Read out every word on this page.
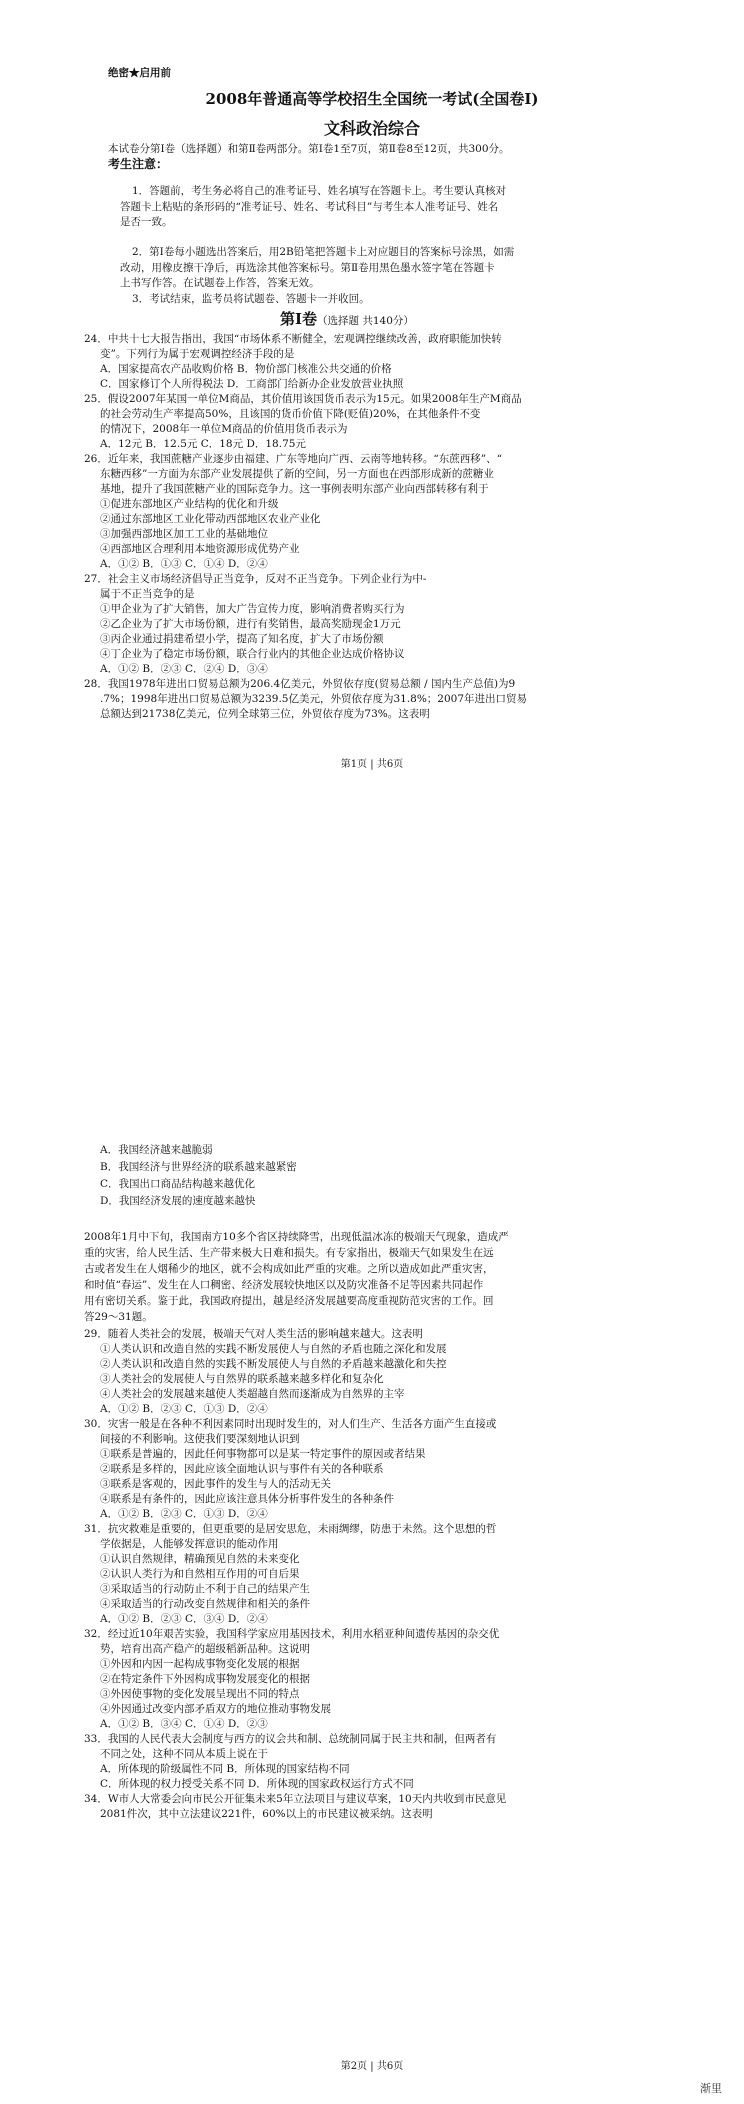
绝密★启用前
2008年普通高等学校招生全国统一考试(全国卷Ⅰ)
文科政治综合
本试卷分第Ⅰ卷（选择题）和第Ⅱ卷两部分。第Ⅰ卷1至7页，第Ⅱ卷8至12页，共300分。
考生注意：
1．答题前，考生务必将自己的准考证号、姓名填写在答题卡上。考生要认真核对
答题卡上粘贴的条形码的“准考证号、姓名、考试科目”与考生本人准考证号、姓名
是否一致。
2．第Ⅰ卷每小题选出答案后，用2B铅笔把答题卡上对应题目的答案标号涂黑，如需
改动，用橡皮擦干净后，再选涂其他答案标号。第Ⅱ卷用黑色墨水签字笔在答题卡
上书写作答。在试题卷上作答，答案无效。
3．考试结束，监考员将试题卷、答题卡一并收回。
第Ⅰ卷（选择题 共140分）
24．中共十七大报告指出，我国“市场体系不断健全，宏观调控继续改善，政府职能加快转
变”。下列行为属于宏观调控经济手段的是
A．国家提高农产品收购价格 B．物价部门核准公共交通的价格
C．国家修订个人所得税法 D．工商部门给新办企业发放营业执照
25．假设2007年某国一单位M商品，其价值用该国货币表示为15元。如果2008年生产M商品
的社会劳动生产率提高50%，且该国的货币价值下降(贬值)20%，在其他条件不变
的情况下，2008年一单位M商品的价值用货币表示为
A．12元 B．12.5元 C．18元 D．18.75元
26．近年来，我国蔗糖产业逐步由福建、广东等地向广西、云南等地转移。“东蔗西移”、“
东糖西移”一方面为东部产业发展提供了新的空间，另一方面也在西部形成新的蔗糖业
基地，提升了我国蔗糖产业的国际竞争力。这一事例表明东部产业向西部转移有利于
①促进东部地区产业结构的优化和升级
②通过东部地区工业化带动西部地区农业产业化
③加强西部地区加工工业的基础地位
④西部地区合理利用本地资源形成优势产业
A．①② B．①③ C．①④ D．②④
27．社会主义市场经济倡导正当竞争，反对不正当竞争。下列企业行为中-
属于不正当竞争的是
①甲企业为了扩大销售，加大广告宣传力度，影响消费者购买行为
②乙企业为了扩大市场份额，进行有奖销售，最高奖励现金1万元
③丙企业通过捐建希望小学，提高了知名度，扩大了市场份额
④丁企业为了稳定市场份额，联合行业内的其他企业达成价格协议
A．①② B．②③ C．②④ D．③④
28．我国1978年进出口贸易总额为206.4亿美元，外贸依存度(贸易总额 / 国内生产总值)为9
.7%；1998年进出口贸易总额为3239.5亿美元，外贸依存度为31.8%；2007年进出口贸易
总额达到21738亿美元，位列全球第三位，外贸依存度为73%。这表明
第1页 | 共6页
A．我国经济越来越脆弱
B．我国经济与世界经济的联系越来越紧密
C．我国出口商品结构越来越优化
D．我国经济发展的速度越来越快
2008年1月中下旬，我国南方10多个省区持续降雪，出现低温冰冻的极端天气现象，造成严
重的灾害，给人民生活、生产带来极大日难和损失。有专家指出，极端天气如果发生在远
古或者发生在人烟稀少的地区，就不会构成如此严重的灾难。之所以造成如此严重灾害，
和时值“春运”、发生在人口稠密、经济发展较快地区以及防灾准备不足等因素共同起作
用有密切关系。鉴于此，我国政府提出，越是经济发展越要高度重视防范灾害的工作。回
答29～31题。
29．随着人类社会的发展，极端天气对人类生活的影响越来越大。这表明
①人类认识和改造自然的实践不断发展使人与自然的矛盾也随之深化和发展
②人类认识和改造自然的实践不断发展使人与自然的矛盾越来越激化和失控
③人类社会的发展使人与自然界的联系越来越多样化和复杂化
④人类社会的发展越来越使人类超越自然而逐渐成为自然界的主宰
A．①② B．②③ C．①③ D．②④
30．灾害一般是在各种不利因素同时出现时发生的，对人们生产、生活各方面产生直接或
间接的不利影响。这使我们要深刻地认识到
①联系是普遍的，因此任何事物都可以是某一特定事件的原因或者结果
②联系是多样的，因此应该全面地认识与事件有关的各种联系
③联系是客观的，因此事件的发生与人的活动无关
④联系是有条件的，因此应该注意具体分析事件发生的各种条件
A．①② B．②③ C．①③ D．②④
31．抗灾救难是重要的，但更重要的是居安思危，未雨绸缪，防患于未然。这个思想的哲
学依据是，人能够发挥意识的能动作用
①认识自然规律，精确预见自然的未来变化
②认识人类行为和自然相互作用的可自后果
③采取适当的行动防止不利于自己的结果产生
④采取适当的行动改变自然规律和相关的条件
A．①② B．②③ C．③④ D．②④
32．经过近10年艰苦实验，我国科学家应用基因技术，利用水稻亚种间遗传基因的杂交优
势，培育出高产稳产的超级稻新品种。这说明
①外因和内因一起构成事物变化发展的根据
②在特定条件下外因构成事物发展变化的根据
③外因使事物的变化发展呈现出不同的特点
④外因通过改变内部矛盾双方的地位推动事物发展
A．①② B．③④ C．①④ D．②③
33．我国的人民代表大会制度与西方的议会共和制、总统制同属于民主共和制，但两者有
不同之处，这种不同从本质上说在于
A．所体现的阶级属性不同 B．所体现的国家结构不同
C．所体现的权力授受关系不同 D．所体现的国家政权运行方式不同
34．W市人大常委会向市民公开征集未来5年立法项目与建议草案，10天内共收到市民意见
2081件次，其中立法建议221件，60%以上的市民建议被采纳。这表明
第2页 | 共6页
渐里
